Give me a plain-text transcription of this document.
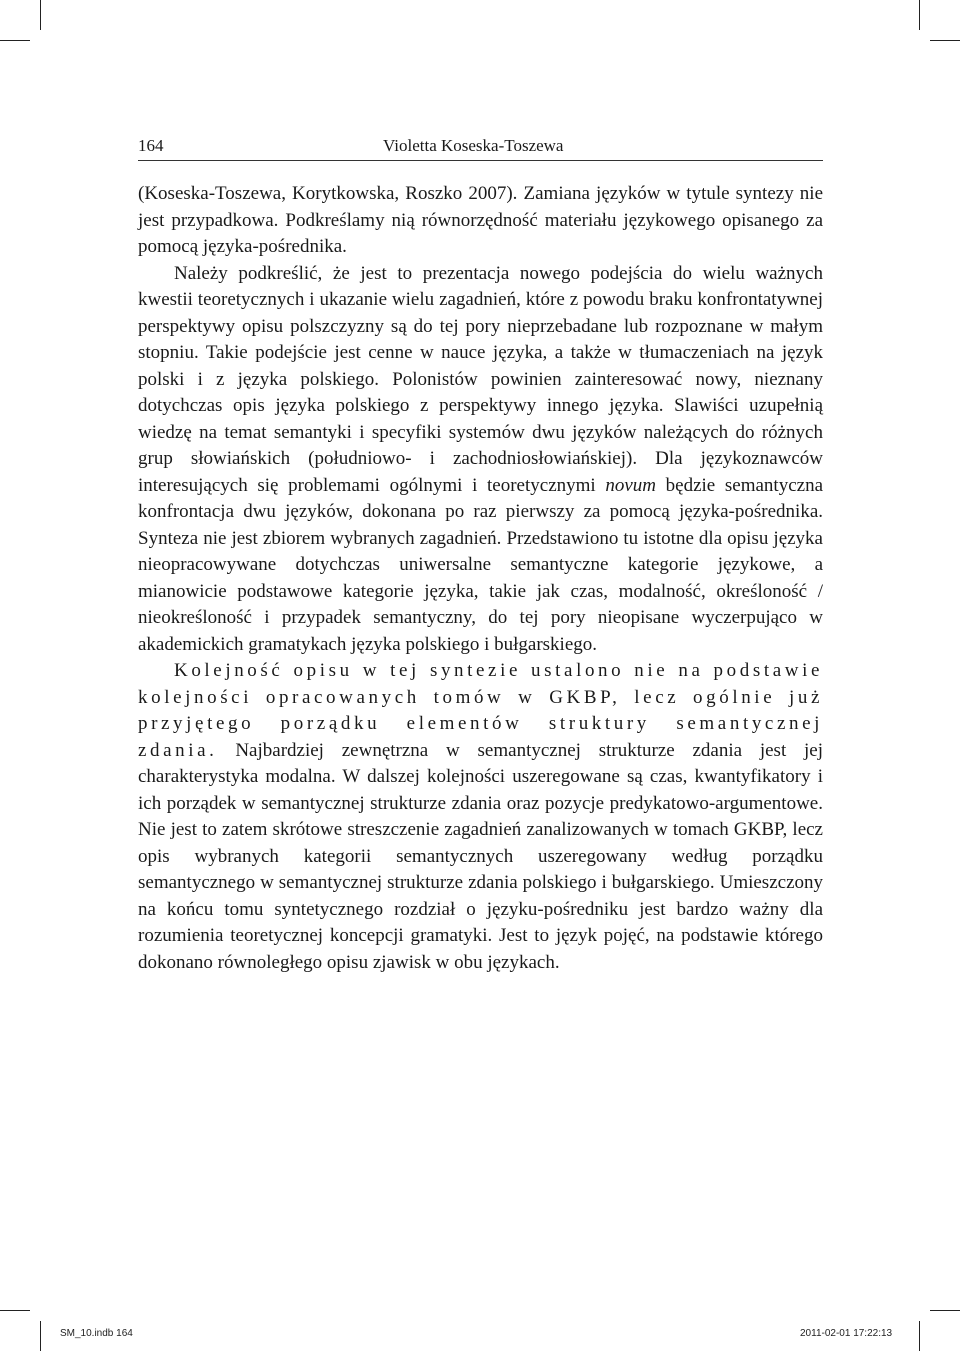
164	Violetta Koseska-Toszewa

(Koseska-Toszewa, Korytkowska, Roszko 2007). Zamiana języków w tytule syntezy nie jest przypadkowa. Podkreślamy nią równorzędność materiału językowego opisanego za pomocą języka-pośrednika.

Należy podkreślić, że jest to prezentacja nowego podejścia do wielu ważnych kwestii teoretycznych i ukazanie wielu zagadnień, które z powodu braku konfrontatywnej perspektywy opisu polszczyzny są do tej pory nieprzebadane lub rozpoznane w małym stopniu. Takie podejście jest cenne w nauce języka, a także w tłumaczeniach na język polski i z języka polskiego. Polonistów powinien zainteresować nowy, nieznany dotychczas opis języka polskiego z perspektywy innego języka. Slawiści uzupełnią wiedzę na temat semantyki i specyfiki systemów dwu języków należących do różnych grup słowiańskich (południowo- i zachodniosłowiańskiej). Dla językoznawców interesujących się problemami ogólnymi i teoretycznymi novum będzie semantyczna konfrontacja dwu języków, dokonana po raz pierwszy za pomocą języka-pośrednika. Synteza nie jest zbiorem wybranych zagadnień. Przedstawiono tu istotne dla opisu języka nieopracowywane dotychczas uniwersalne semantyczne kategorie językowe, a mianowicie podstawowe kategorie języka, takie jak czas, modalność, określoność / nieokreśloność i przypadek semantyczny, do tej pory nieopisane wyczerpująco w akademickich gramatykach języka polskiego i bułgarskiego.

Kolejność opisu w tej syntezie ustalono nie na podstawie kolejności opracowanych tomów w GKBP, lecz ogólnie już przyjętego porządku elementów struktury semantycznej zdania. Najbardziej zewnętrzna w semantycznej strukturze zdania jest jej charakterystyka modalna. W dalszej kolejności uszeregowane są czas, kwantyfikatory i ich porządek w semantycznej strukturze zdania oraz pozycje predykatowo-argumentowe. Nie jest to zatem skrótowe streszczenie zagadnień zanalizowanych w tomach GKBP, lecz opis wybranych kategorii semantycznych uszeregowany według porządku semantycznego w semantycznej strukturze zdania polskiego i bułgarskiego. Umieszczony na końcu tomu syntetycznego rozdział o języku-pośredniku jest bardzo ważny dla rozumienia teoretycznej koncepcji gramatyki. Jest to język pojęć, na podstawie którego dokonano równoległego opisu zjawisk w obu językach.

SM_10.indb 164	2011-02-01 17:22:13
